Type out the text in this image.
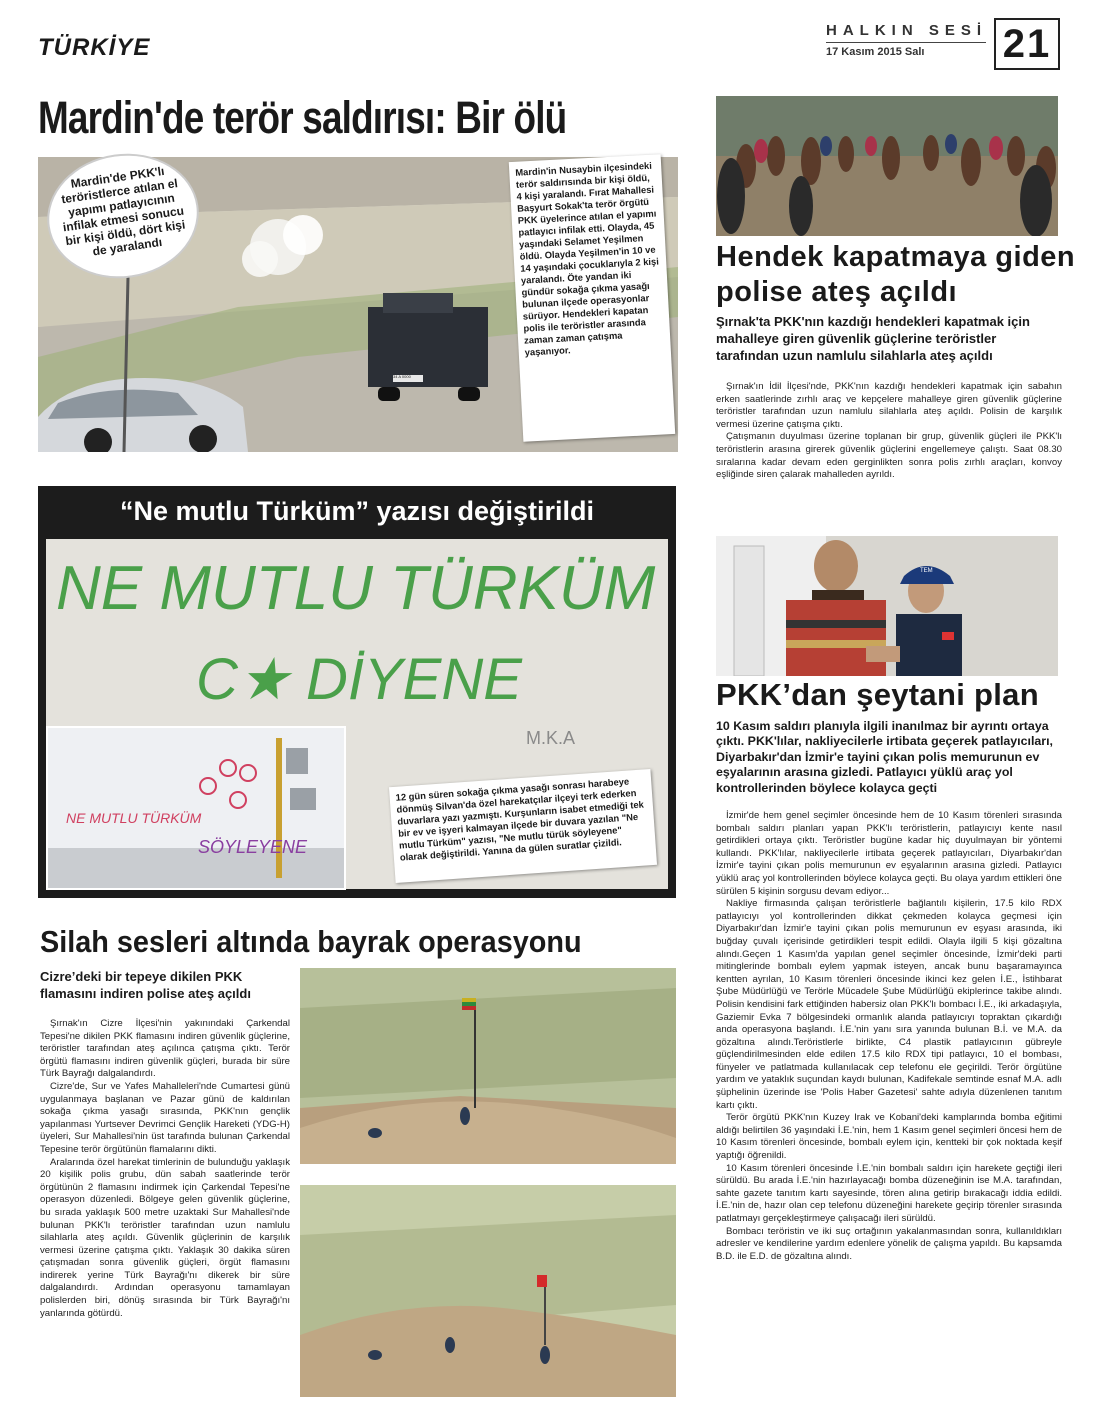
TÜRKİYE
HALKIN SESİ
17 Kasım 2015 Salı 21
Mardin'de terör saldırısı: Bir ölü
Mardin'de PKK'lı teröristlerce atılan el yapımı patlayıcının infilak etmesi sonucu bir kişi öldü, dört kişi de yaralandı
Mardin'in Nusaybin ilçesindeki terör saldırısında bir kişi öldü, 4 kişi yaralandı. Fırat Mahallesi Başyurt Sokak'ta terör örgütü PKK üyelerince atılan el yapımı patlayıcı infilak etti. Olayda, 45 yaşındaki Selamet Yeşilmen öldü. Olayda Yeşilmen'in 10 ve 14 yaşındaki çocuklarıyla 2 kişi yaralandı. Öte yandan iki gündür sokağa çıkma yasağı bulunan ilçede operasyonlar sürüyor. Hendekleri kapatan polis ile teröristler arasında zaman zaman çatışma yaşanıyor.
34 A 0000
Hendek kapatmaya giden polise ateş açıldı
Şırnak'ta PKK'nın kazdığı hendekleri kapatmak için mahalleye giren güvenlik güçlerine teröristler tarafından uzun namlulu silahlarla ateş açıldı

Şırnak'ın İdil İlçesi'nde, PKK'nın kazdığı hendekleri kapatmak için sabahın erken saatlerinde zırhlı araç ve kepçelere mahalleye giren güvenlik güçlerine teröristler tarafından uzun namlulu silahlarla ateş açıldı. Polisin de karşılık vermesi üzerine çatışma çıktı.

Çatışmanın duyulması üzerine toplanan bir grup, güvenlik güçleri ile PKK'lı teröristlerin arasına girerek güvenlik güçlerini engellemeye çalıştı. Saat 08.30 sıralarına kadar devam eden gerginlikten sonra polis zırhlı araçları, konvoy eşliğinde siren çalarak mahalleden ayrıldı.

“Ne mutlu Türküm” yazısı değiştirildi
NE MUTLU TÜRKÜM
C★ DİYENE
M.K.A
NE MUTLU TÜRKÜM
SÖYLEYENE
12 gün süren sokağa çıkma yasağı sonrası harabeye dönmüş Silvan'da özel harekatçılar ilçeyi terk ederken duvarlara yazı yazmıştı. Kurşunların isabet etmediği tek bir ev ve işyeri kalmayan ilçede bir duvara yazılan "Ne mutlu Türküm" yazısı, "Ne mutlu türük söyleyene" olarak değiştirildi. Yanına da gülen suratlar çizildi.
TEM
PKK’dan şeytani plan
10 Kasım saldırı planıyla ilgili inanılmaz bir ayrıntı ortaya çıktı. PKK'lılar, nakliyecilerle irtibata geçerek patlayıcıları, Diyarbakır'dan İzmir'e tayini çıkan polis memurunun ev eşyalarının arasına gizledi. Patlayıcı yüklü araç yol kontrollerinden böylece kolayca geçti

İzmir'de hem genel seçimler öncesinde hem de 10 Kasım törenleri sırasında bombalı saldırı planları yapan PKK'lı teröristlerin, patlayıcıyı kente nasıl getirdikleri ortaya çıktı. Teröristler bugüne kadar hiç duyulmayan bir yöntemi kullandı. PKK'lılar, nakliyecilerle irtibata geçerek patlayıcıları, Diyarbakır'dan İzmir'e tayini çıkan polis memurunun ev eşyalarının arasına gizledi. Patlayıcı yüklü araç yol kontrollerinden böylece kolayca geçti. Bu olaya yardım ettikleri öne sürülen 5 kişinin sorgusu devam ediyor...

Nakliye firmasında çalışan teröristlerle bağlantılı kişilerin, 17.5 kilo RDX patlayıcıyı yol kontrollerinden dikkat çekmeden kolayca geçmesi için Diyarbakır'dan İzmir'e tayini çıkan polis memurunun ev eşyası arasında, iki buğday çuvalı içerisinde getirdikleri tespit edildi. Olayla ilgili 5 kişi gözaltına alındı.Geçen 1 Kasım'da yapılan genel seçimler öncesinde, İzmir'deki parti mitinglerinde bombalı eylem yapmak isteyen, ancak bunu başaramayınca kentten ayrılan, 10 Kasım törenleri öncesinde ikinci kez gelen İ.E., İstihbarat Şube Müdürlüğü ve Terörle Mücadele Şube Müdürlüğü ekiplerince takibe alındı. Polisin kendisini fark ettiğinden habersiz olan PKK'lı bombacı İ.E., iki arkadaşıyla, Gaziemir Evka 7 bölgesindeki ormanlık alanda patlayıcıyı topraktan çıkardığı anda operasyona başlandı. İ.E.'nin yanı sıra yanında bulunan B.İ. ve M.A. da gözaltına alındı.Teröristlerle birlikte, C4 plastik patlayıcının gübreyle güçlendirilmesinden elde edilen 17.5 kilo RDX tipi patlayıcı, 10 el bombası, fünyeler ve patlatmada kullanılacak cep telefonu ele geçirildi. Terör örgütüne yardım ve yataklık suçundan kaydı bulunan, Kadifekale semtinde esnaf M.A. adlı şüphelinin üzerinde ise 'Polis Haber Gazetesi' sahte adıyla düzenlenen tanıtım kartı çıktı.

Terör örgütü PKK'nın Kuzey Irak ve Kobani'deki kamplarında bomba eğitimi aldığı belirtilen 36 yaşındaki İ.E.'nin, hem 1 Kasım genel seçimleri öncesi hem de 10 Kasım törenleri öncesinde, bombalı eylem için, kentteki bir çok noktada keşif yaptığı öğrenildi.

10 Kasım törenleri öncesinde İ.E.'nin bombalı saldırı için harekete geçtiği ileri sürüldü. Bu arada İ.E.'nin hazırlayacağı bomba düzeneğinin ise M.A. tarafından, sahte gazete tanıtım kartı sayesinde, tören alına getirip bırakacağı iddia edildi. İ.E.'nin de, hazır olan cep telefonu düzeneğini harekete geçirip törenler sırasında patlatmayı gerçekleştirmeye çalışacağı ileri sürüldü.

Bombacı teröristin ve iki suç ortağının yakalanmasından sonra, kullanıldıkları adresler ve kendilerine yardım edenlere yönelik de çalışma yapıldı. Bu kapsamda B.D. ile E.D. de gözaltına alındı.

Silah sesleri altında bayrak operasyonu
Cizre’deki bir tepeye dikilen PKK flamasını indiren polise ateş açıldı

Şırnak'ın Cizre İlçesi'nin yakınındaki Çarkendal Tepesi'ne dikilen PKK flamasını indiren güvenlik güçlerine, teröristler tarafından ateş açılınca çatışma çıktı. Terör örgütü flamasını indiren güvenlik güçleri, burada bir süre Türk Bayrağı dalgalandırdı.

Cizre'de, Sur ve Yafes Mahalleleri'nde Cumartesi günü uygulanmaya başlanan ve Pazar günü de kaldırılan sokağa çıkma yasağı sırasında, PKK'nın gençlik yapılanması Yurtsever Devrimci Gençlik Hareketi (YDG-H) üyeleri, Sur Mahallesi'nin üst tarafında bulunan Çarkendal Tepesine terör örgütünün flamalarını dikti.

Aralarında özel harekat timlerinin de bulunduğu yaklaşık 20 kişilik polis grubu, dün sabah saatlerinde terör örgütünün 2 flamasını indirmek için Çarkendal Tepesi'ne operasyon düzenledi. Bölgeye gelen güvenlik güçlerine, bu sırada yaklaşık 500 metre uzaktaki Sur Mahallesi'nde bulunan PKK'lı teröristler tarafından uzun namlulu silahlarla ateş açıldı. Güvenlik güçlerinin de karşılık vermesi üzerine çatışma çıktı. Yaklaşık 30 dakika süren çatışmadan sonra güvenlik güçleri, örgüt flamasını indirerek yerine Türk Bayrağı'nı dikerek bir süre dalgalandırdı. Ardından operasyonu tamamlayan polislerden biri, dönüş sırasında bir Türk Bayrağı'nı yanlarında götürdü.
